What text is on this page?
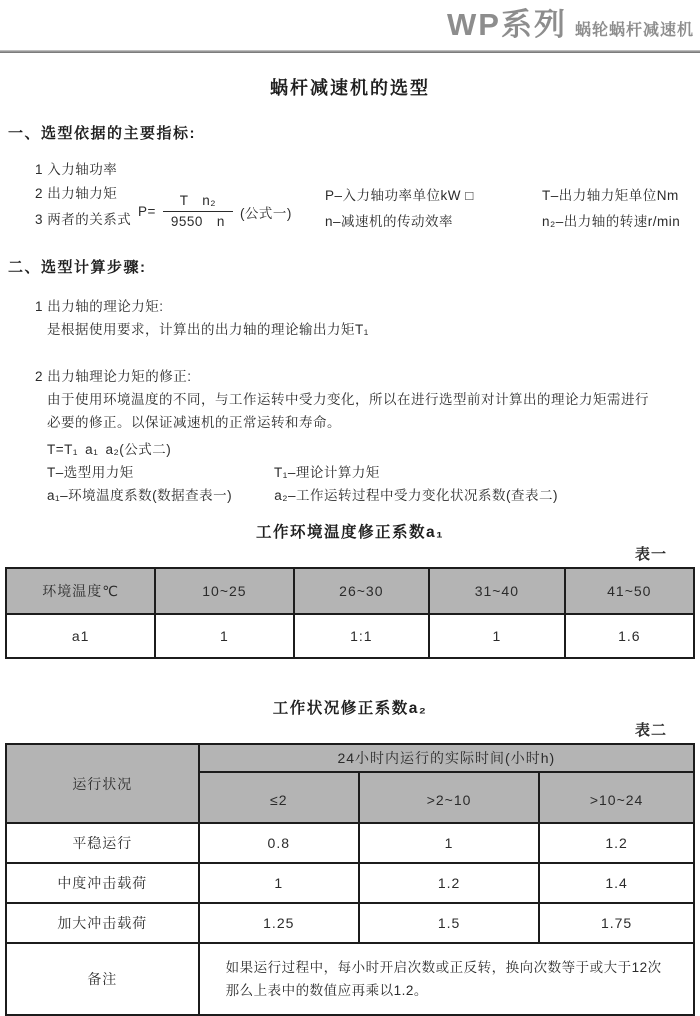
WP系列 蜗轮蜗杆减速机
蜗杆减速机的选型
一、选型依据的主要指标:
1 入力轴功率
2 出力轴力矩
3 两者的关系式
$P= \frac{\text{T　n₂}}{9550 n}$ (公式一)
P–入力轴功率单位kW □
n–减速机的传动效率
T–出力轴力矩单位Nm
n₂–出力轴的转速r/min
二、选型计算步骤:
1 出力轴的理论力矩:
是根据使用要求，计算出的出力轴的理论输出力矩T₁
2 出力轴理论力矩的修正:
由于使用环境温度的不同，与工作运转中受力变化，所以在进行选型前对计算出的理论力矩需进行
必要的修正。以保证减速机的正常运转和寿命。
T=T₁ a₁ a₂(公式二)
T–选型用力矩	T₁–理论计算力矩
a₁–环境温度系数(数据查表一)	a₂–工作运转过程中受力变化状况系数(查表二)
工作环境温度修正系数a₁
表一
环境温度℃	10~25	26~30	31~40	41~50
a1	1	1:1	1	1.6
工作状况修正系数a₂
表二
运行状况	24小时内运行的实际时间(小时h)		
	≤2	>2~10	>10~24
平稳运行	0.8	1	1.2
中度冲击载荷	1	1.2	1.4
加大冲击载荷	1.25	1.5	1.75
备注	如果运行过程中，每小时开启次数或正反转，换向次数等于或大于12次
那么上表中的数值应再乘以1.2。		
